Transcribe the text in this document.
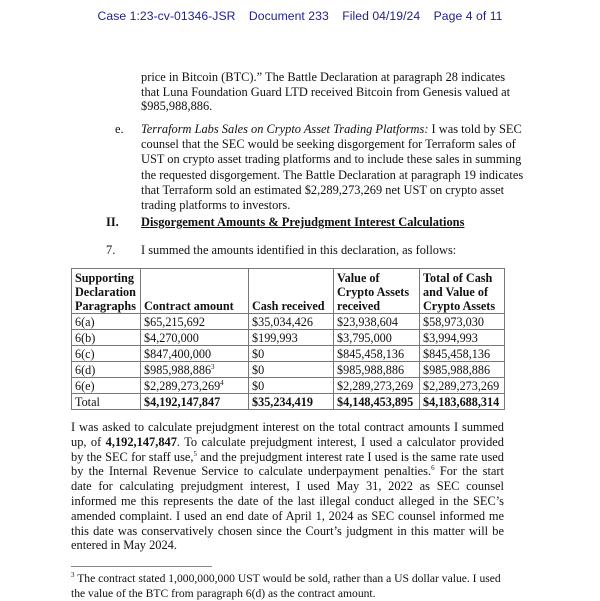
Case 1:23-cv-01346-JSR Document 233 Filed 04/19/24 Page 4 of 11
price in Bitcoin (BTC).” The Battle Declaration at paragraph 28 indicates that Luna Foundation Guard LTD received Bitcoin from Genesis valued at $985,988,886.
e. Terraform Labs Sales on Crypto Asset Trading Platforms: I was told by SEC counsel that the SEC would be seeking disgorgement for Terraform sales of UST on crypto asset trading platforms and to include these sales in summing the requested disgorgement. The Battle Declaration at paragraph 19 indicates that Terraform sold an estimated $2,289,273,269 net UST on crypto asset trading platforms to investors.
II. Disgorgement Amounts & Prejudgment Interest Calculations
7. I summed the amounts identified in this declaration, as follows:
Supporting Declaration Paragraphs	Contract amount	Cash received	Value of Crypto Assets received	Total of Cash and Value of Crypto Assets
6(a)	$65,215,692	$35,034,426	$23,938,604	$58,973,030
6(b)	$4,270,000	$199,993	$3,795,000	$3,994,993
6(c)	$847,400,000	$0	$845,458,136	$845,458,136
6(d)	$985,988,886$^3$	$0	$985,988,886	$985,988,886
6(e)	$2,289,273,269$^4$	$0	$2,289,273,269	$2,289,273,269
Total	$4,192,147,847	$35,234,419	$4,148,453,895	$4,183,688,314
I was asked to calculate prejudgment interest on the total contract amounts I summed up, of 4,192,147,847. To calculate prejudgment interest, I used a calculator provided by the SEC for staff use,$^5$ and the prejudgment interest rate I used is the same rate used by the Internal Revenue Service to calculate underpayment penalties.$^6$ For the start date for calculating prejudgment interest, I used May 31, 2022 as SEC counsel informed me this represents the date of the last illegal conduct alleged in the SEC’s amended complaint. I used an end date of April 1, 2024 as SEC counsel informed me this date was conservatively chosen since the Court’s judgment in this matter will be entered in May 2024.
$^3$ The contract stated 1,000,000,000 UST would be sold, rather than a US dollar value. I used the value of the BTC from paragraph 6(d) as the contract amount.
